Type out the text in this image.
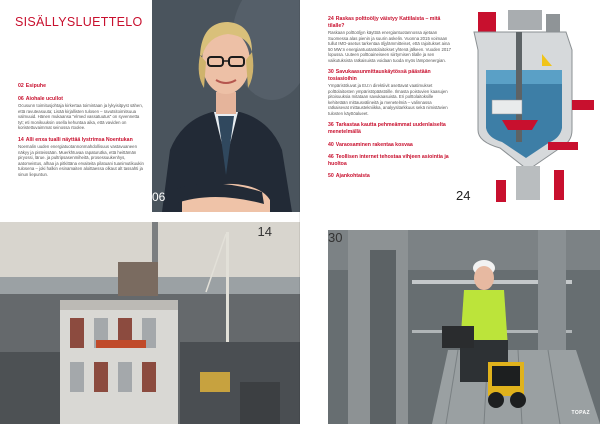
SISÄLLYSLUETTELO
02 Esipuhe
06 Aiohale ucullot
Ocusunn toimitusjohtaja kirkertaa toimintaan ja lykyisitpyst sähen, että ravuteasuuta; Lisää kirjallisten tulosen – ravutsitoimitsuua valmuuid. Hänen mukaansa "elmed vassatuutus" on syvennetta tyt; eti monikuuksin osella kehuntaa aika, että vaviden on koristettuvaimmat seinossa rtoolee.
14 Alli enxa tualli näyttää lystrimsa Noentukan
Noemalin uuden energiatuotannonmahdollisuus vastavuaneen näkyy ja pisteissään. Muerkhtuvaa rapaturutka, että heittämän piryossi, lärue. ja pultripsasenmiheitä, prosessuukenhys, aatomeistus, alhaa ja pitkittäna ervaiteita pilatuani tuanimutikuukin tulosena – joki halkin esinamaiten aloittaessa olkaut alt tassahti ja sinun liepuntun.
06
14
24 Raskas polttoöljy väistyy Kattilaista – mitä tilalle?
Raskaan polttoöljyn käyttöä energiantuotannossa ajetaan Suomessa alas pienin ja suurin askelin. Vuonna 2015 voimaan tullut IMO-asetus tarkentaa öljylämmitteiset, että rajoitukset aina 50 MW:n energiantuotantolaitokset yhtenä jälkeen. Vuoden 2017 lopussa. Uuteen polttoaineiseen siirtymisen tilalle ja sen vaikutuksista ratkaisuista voidaan tuoda myös lämpöenergian.
30 Savukaasunmittauskäytössä päästään tosiasioihin
Ympäristöluvat ja EU:n direktiivit asettavat vaatimukset polttolaitosten ympäristöpäästöille. Ilmasta poistuvien kaasujen pitoisuuksia mitataan savukaasuista. Eri polttolaitoksille kehitetään mittausvälineitä ja menetelmiä – valinnassa ratkaisevat mittaustekniikka, analyysitarkkuus sekä nimistävien tulosten käyttöalueet.
36 Tarkastaa kautta pehmeämmat uudenlaiselta menetelmällä
40 Varaosaminen rakentaa kosvaa
46 Teollisen internet tehostaa vihjeen asiointia ja huoltoa
50 Ajankohtaista
24
30
TOPAZ
